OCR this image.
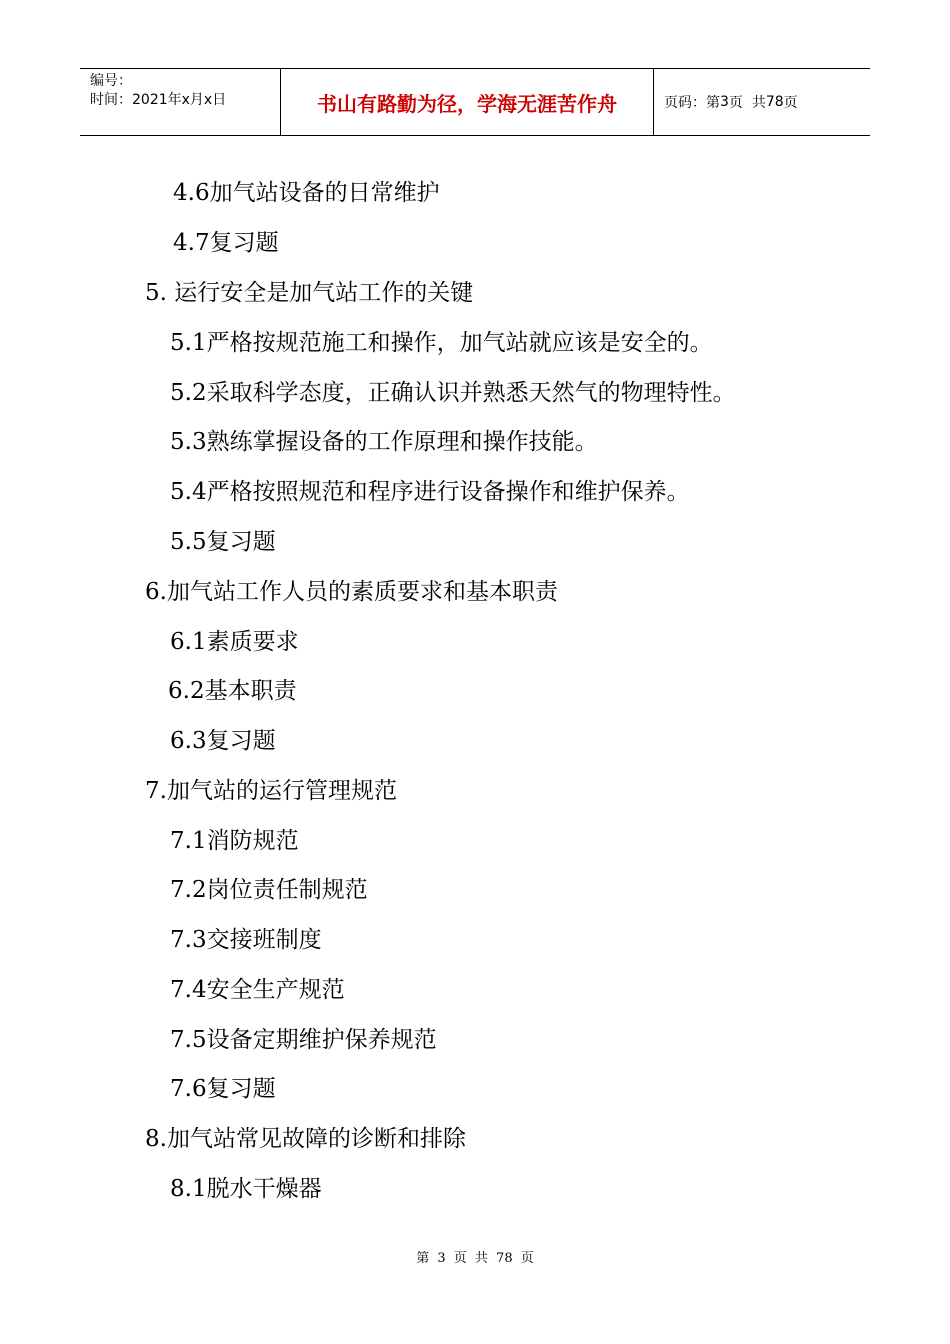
编号：
时间：2021年x月x日	书山有路勤为径，学海无涯苦作舟	页码：第 3 页  共 78 页
4.6加气站设备的日常维护
4.7复习题
5. 运行安全是加气站工作的关键
5.1严格按规范施工和操作，加气站就应该是安全的。
5.2采取科学态度，正确认识并熟悉天然气的物理特性。
5.3熟练掌握设备的工作原理和操作技能。
5.4严格按照规范和程序进行设备操作和维护保养。
5.5复习题
6.加气站工作人员的素质要求和基本职责
6.1素质要求
6.2基本职责
6.3复习题
7.加气站的运行管理规范
7.1消防规范
7.2岗位责任制规范
7.3交接班制度
7.4安全生产规范
7.5设备定期维护保养规范
7.6复习题
8.加气站常见故障的诊断和排除
8.1脱水干燥器
第 3 页 共 78 页
